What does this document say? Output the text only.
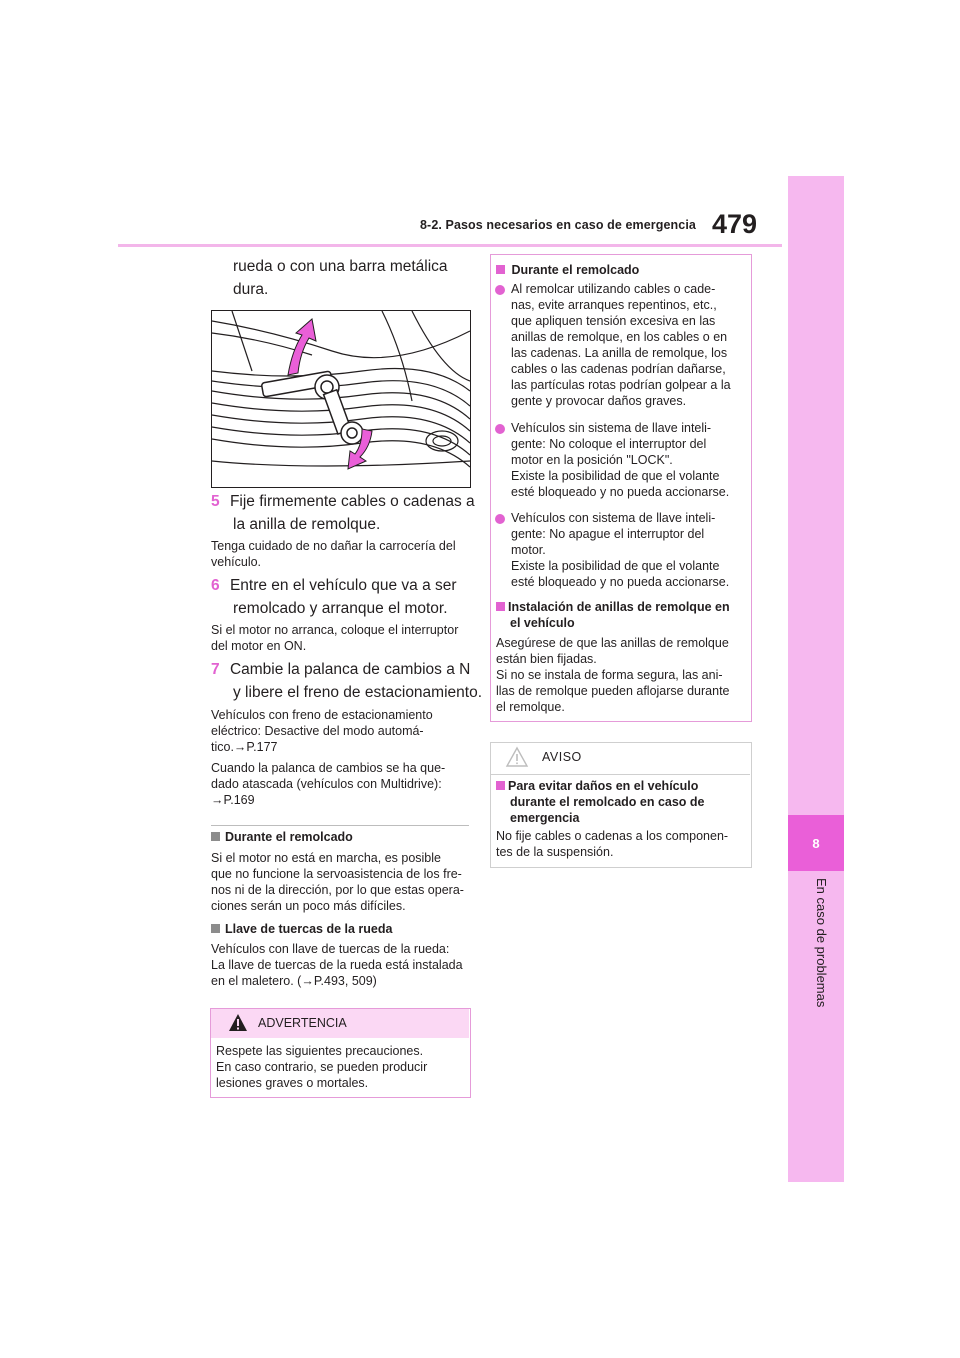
8-2. Pasos necesarios en caso de emergencia 479
8
En caso de problemas
rueda o con una barra metálica
dura.
5 Fije firmemente cables o cadenas a
la anilla de remolque.
Tenga cuidado de no dañar la carrocería del
vehículo.
6 Entre en el vehículo que va a ser
remolcado y arranque el motor.
Si el motor no arranca, coloque el interruptor
del motor en ON.
7 Cambie la palanca de cambios a N
y libere el freno de estacionamiento.
Vehículos con freno de estacionamiento
eléctrico: Desactive del modo automá-
tico.→P.177
Cuando la palanca de cambios se ha que-
dado atascada (vehículos con Multidrive):
→P.169
Durante el remolcado
Si el motor no está en marcha, es posible
que no funcione la servoasistencia de los fre-
nos ni de la dirección, por lo que estas opera-
ciones serán un poco más difíciles.
Llave de tuercas de la rueda
Vehículos con llave de tuercas de la rueda:
La llave de tuercas de la rueda está instalada
en el maletero. (→P.493, 509)
ADVERTENCIA
Respete las siguientes precauciones.
En caso contrario, se pueden producir
lesiones graves o mortales.
Durante el remolcado
Al remolcar utilizando cables o cade-
nas, evite arranques repentinos, etc.,
que apliquen tensión excesiva en las
anillas de remolque, en los cables o en
las cadenas. La anilla de remolque, los
cables o las cadenas podrían dañarse,
las partículas rotas podrían golpear a la
gente y provocar daños graves.
Vehículos sin sistema de llave inteli-
gente: No coloque el interruptor del
motor en la posición "LOCK".
Existe la posibilidad de que el volante
esté bloqueado y no pueda accionarse.
Vehículos con sistema de llave inteli-
gente: No apague el interruptor del
motor.
Existe la posibilidad de que el volante
esté bloqueado y no pueda accionarse.
Instalación de anillas de remolque en
el vehículo
Asegúrese de que las anillas de remolque
están bien fijadas.
Si no se instala de forma segura, las ani-
llas de remolque pueden aflojarse durante
el remolque.
AVISO
Para evitar daños en el vehículo
durante el remolcado en caso de
emergencia
No fije cables o cadenas a los componen-
tes de la suspensión.
